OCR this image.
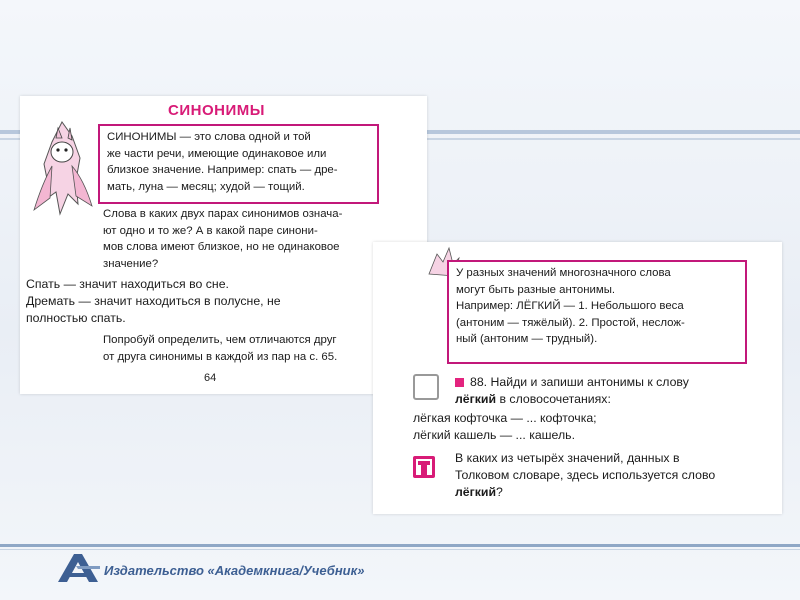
СИНОНИМЫ
СИНОНИМЫ — это слова одной и той
же части речи, имеющие одинаковое или
близкое значение. Например: спать — дре-
мать, луна — месяц; худой — тощий.
Слова в каких двух парах синонимов означа-
ют одно и то же? А в какой паре синони-
мов слова имеют близкое, но не одинаковое
значение?
Спать — значит находиться во сне.
Дремать — значит находиться в полусне, не
полностью спать.
Попробуй определить, чем отличаются друг
от друга синонимы в каждой из пар на с. 65.
64
У разных значений многозначного слова
могут быть разные антонимы.
Например: ЛЁГКИЙ — 1. Небольшого веса
(антоним — тяжёлый). 2. Простой, неслож-
ный (антоним — трудный).
88. Найди и запиши антонимы к слову
лёгкий в словосочетаниях:
лёгкая кофточка — ... кофточка;
лёгкий кашель — ... кашель.
В каких из четырёх значений, данных в
Толковом словаре, здесь используется слово
лёгкий?
Издательство «Академкнига/Учебник»
